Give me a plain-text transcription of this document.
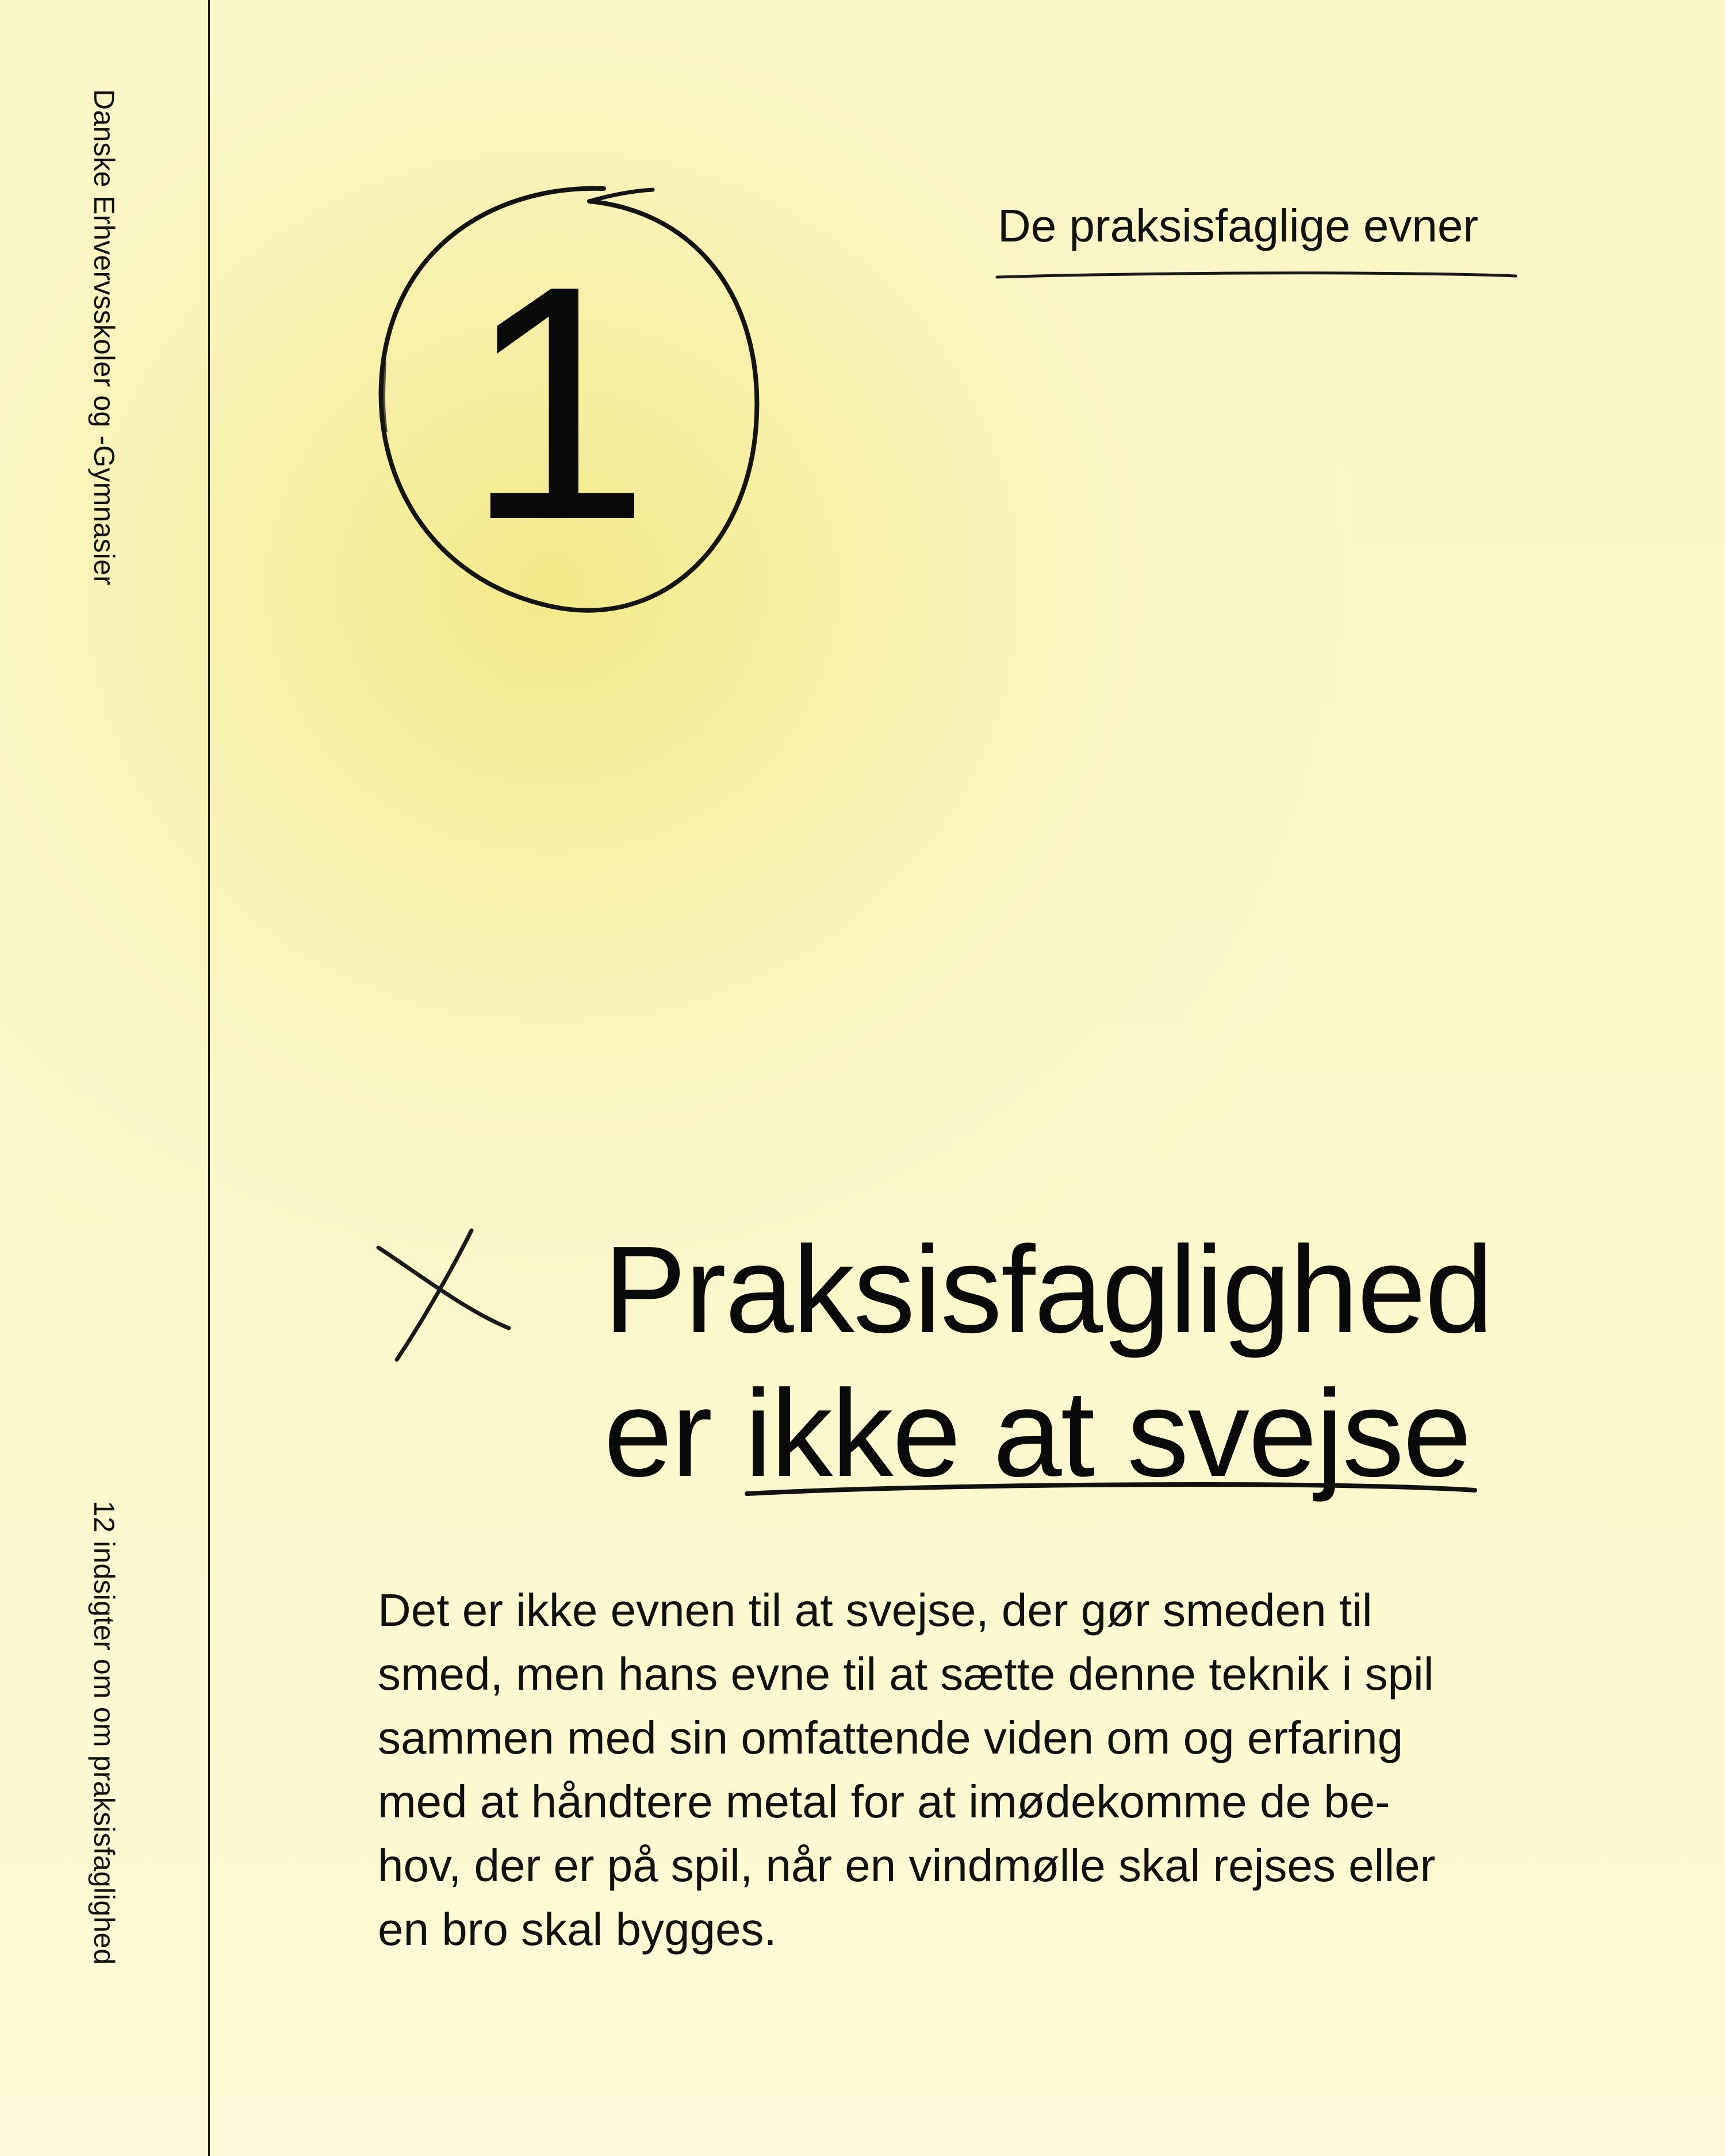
Danske Erhvervsskoler og -Gymnasier
12 indsigter om om praksisfaglighed
1	De praksisfaglige evner
Praksisfaglighed
er ikke at svejse
Det er ikke evnen til at svejse, der gør smeden til
smed, men hans evne til at sætte denne teknik i spil
sammen med sin omfattende viden om og erfaring
med at håndtere metal for at imødekomme de be-
hov, der er på spil, når en vindmølle skal rejses eller
en bro skal bygges.
